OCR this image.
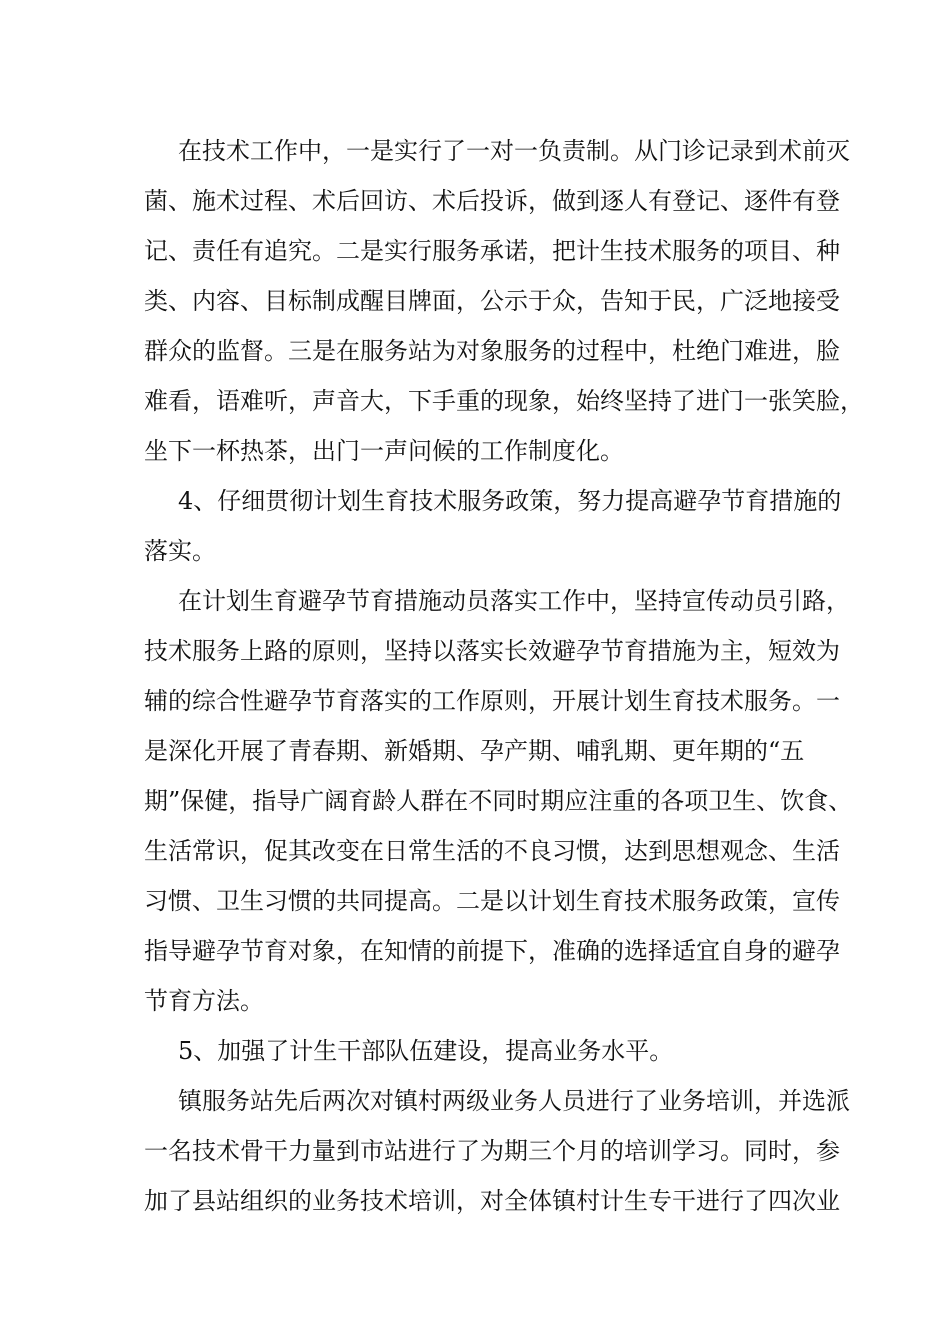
在技术工作中，一是实行了一对一负责制。从门诊记录到术前灭

菌、施术过程、术后回访、术后投诉，做到逐人有登记、逐件有登

记、责任有追究。二是实行服务承诺，把计生技术服务的项目、种

类、内容、目标制成醒目牌面，公示于众，告知于民，广泛地接受

群众的监督。三是在服务站为对象服务的过程中，杜绝门难进，脸

难看，语难听，声音大，下手重的现象，始终坚持了进门一张笑脸，

坐下一杯热茶，出门一声问候的工作制度化。

4、仔细贯彻计划生育技术服务政策，努力提高避孕节育措施的

落实。

在计划生育避孕节育措施动员落实工作中，坚持宣传动员引路，

技术服务上路的原则，坚持以落实长效避孕节育措施为主，短效为

辅的综合性避孕节育落实的工作原则，开展计划生育技术服务。一

是深化开展了青春期、新婚期、孕产期、哺乳期、更年期的“五

期”保健，指导广阔育龄人群在不同时期应注重的各项卫生、饮食、

生活常识，促其改变在日常生活的不良习惯，达到思想观念、生活

习惯、卫生习惯的共同提高。二是以计划生育技术服务政策，宣传

指导避孕节育对象，在知情的前提下，准确的选择适宜自身的避孕

节育方法。

5、加强了计生干部队伍建设，提高业务水平。

镇服务站先后两次对镇村两级业务人员进行了业务培训，并选派

一名技术骨干力量到市站进行了为期三个月的培训学习。同时，参

加了县站组织的业务技术培训，对全体镇村计生专干进行了四次业
